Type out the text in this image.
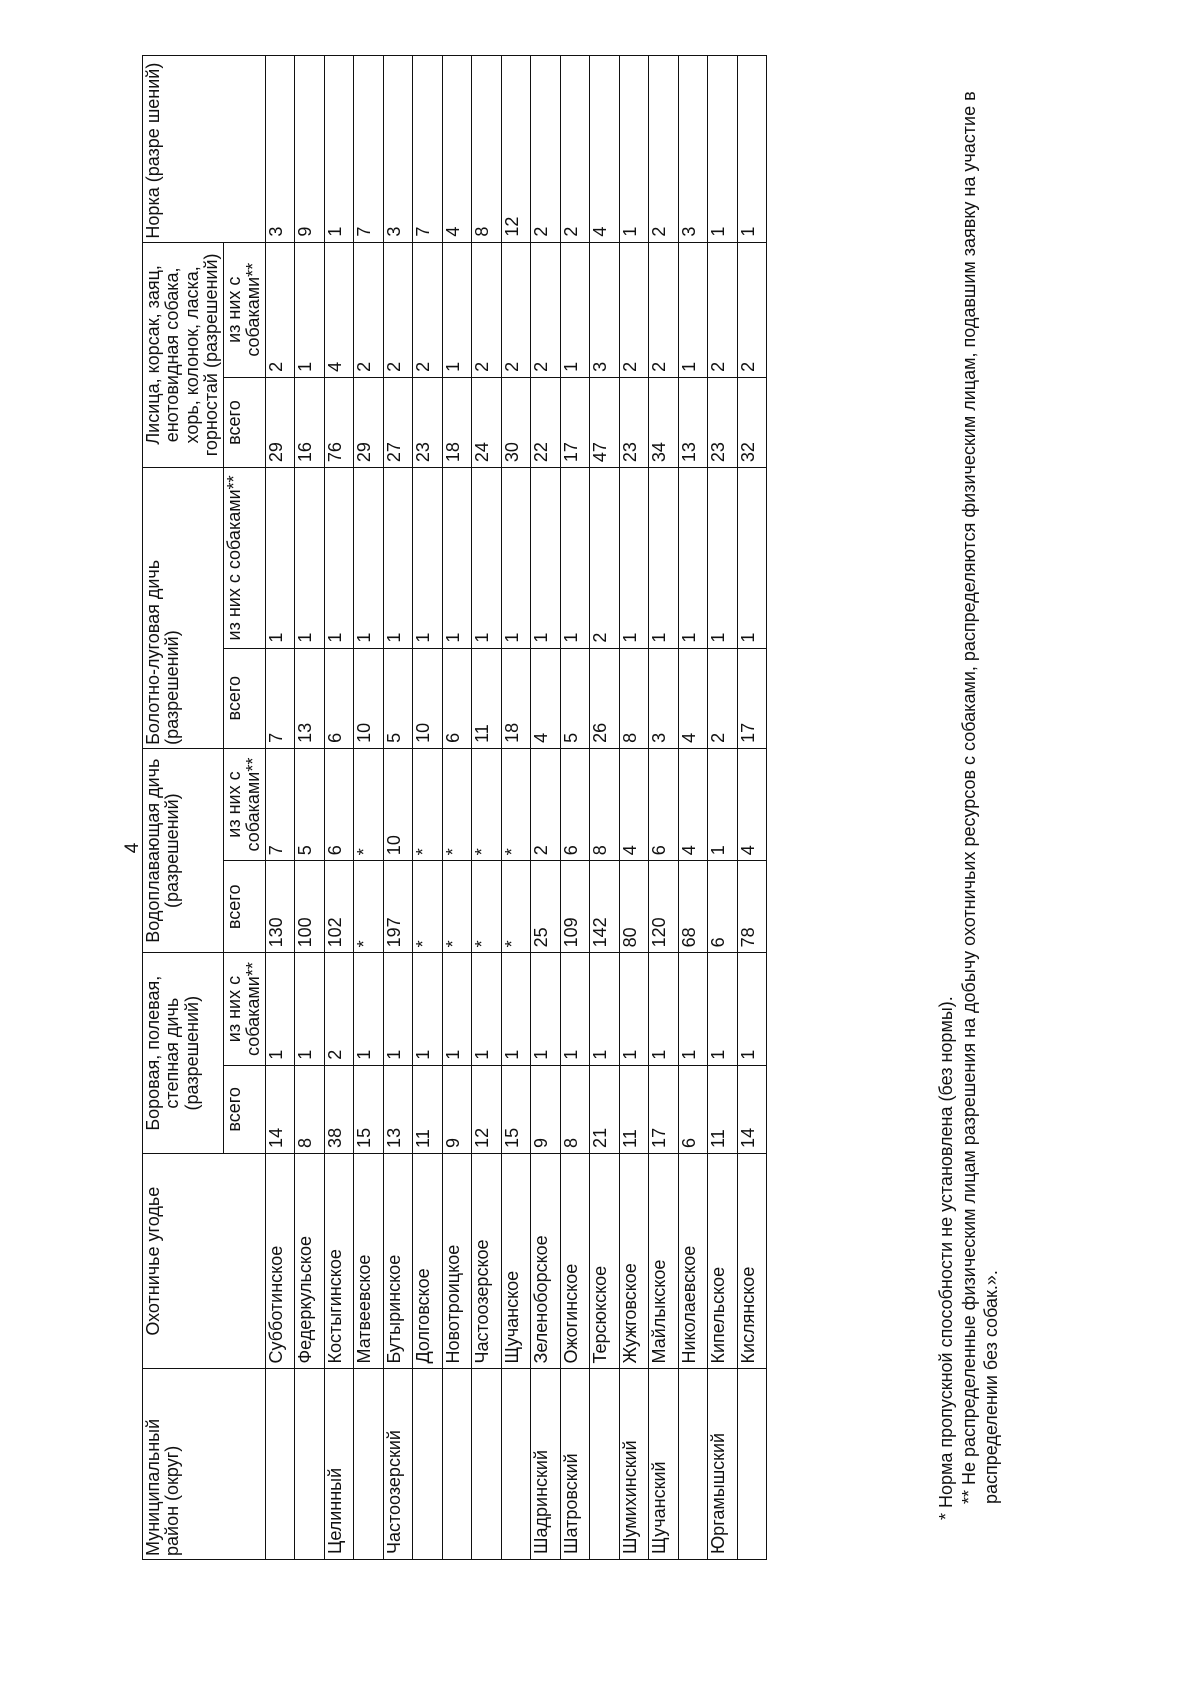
4
Муниципальный район (округ)	Охотничье угодье	Боровая, полевая, степная дичь (разрешений)		Водоплавающая дичь (разрешений)		Болотно-луговая дичь (разрешений)		Лисица, корсак, заяц, енотовидная собака, хорь, колонок, ласка, горностай (разрешений)		Норка (разре шений)
		всего	из них с собаками**	всего	из них с собаками**	всего	из них с собаками**	всего	из них с собаками**	
	Субботинское	14	1	130	7	7	1	29	2	3
	Федеркульское	8	1	100	5	13	1	16	1	9
Целинный	Костыгинское	38	2	102	6	6	1	76	4	1
	Матвеевское	15	1	*	*	10	1	29	2	7
Частоозерский	Бутыринское	13	1	197	10	5	1	27	2	3
	Долговское	11	1	*	*	10	1	23	2	7
	Новотроицкое	9	1	*	*	6	1	18	1	4
	Частоозерское	12	1	*	*	11	1	24	2	8
	Щучанское	15	1	*	*	18	1	30	2	12
Шадринский	Зеленоборское	9	1	25	2	4	1	22	2	2
Шатровский	Ожогинское	8	1	109	6	5	1	17	1	2
	Терсюкское	21	1	142	8	26	2	47	3	4
Шумихинский	Жужговское	11	1	80	4	8	1	23	2	1
Щучанский	Майлыкское	17	1	120	6	3	1	34	2	2
	Николаевское	6	1	68	4	4	1	13	1	3
Юргамышский	Кипельское	11	1	6	1	2	1	23	2	1
	Кислянское	14	1	78	4	17	1	32	2	1
* Норма пропускной способности не установлена (без нормы). ** Не распределенные физическим лицам разрешения на добычу охотничьих ресурсов с собаками, распределяются физическим лицам, подавшим заявку на участие в распределении без собак.».
